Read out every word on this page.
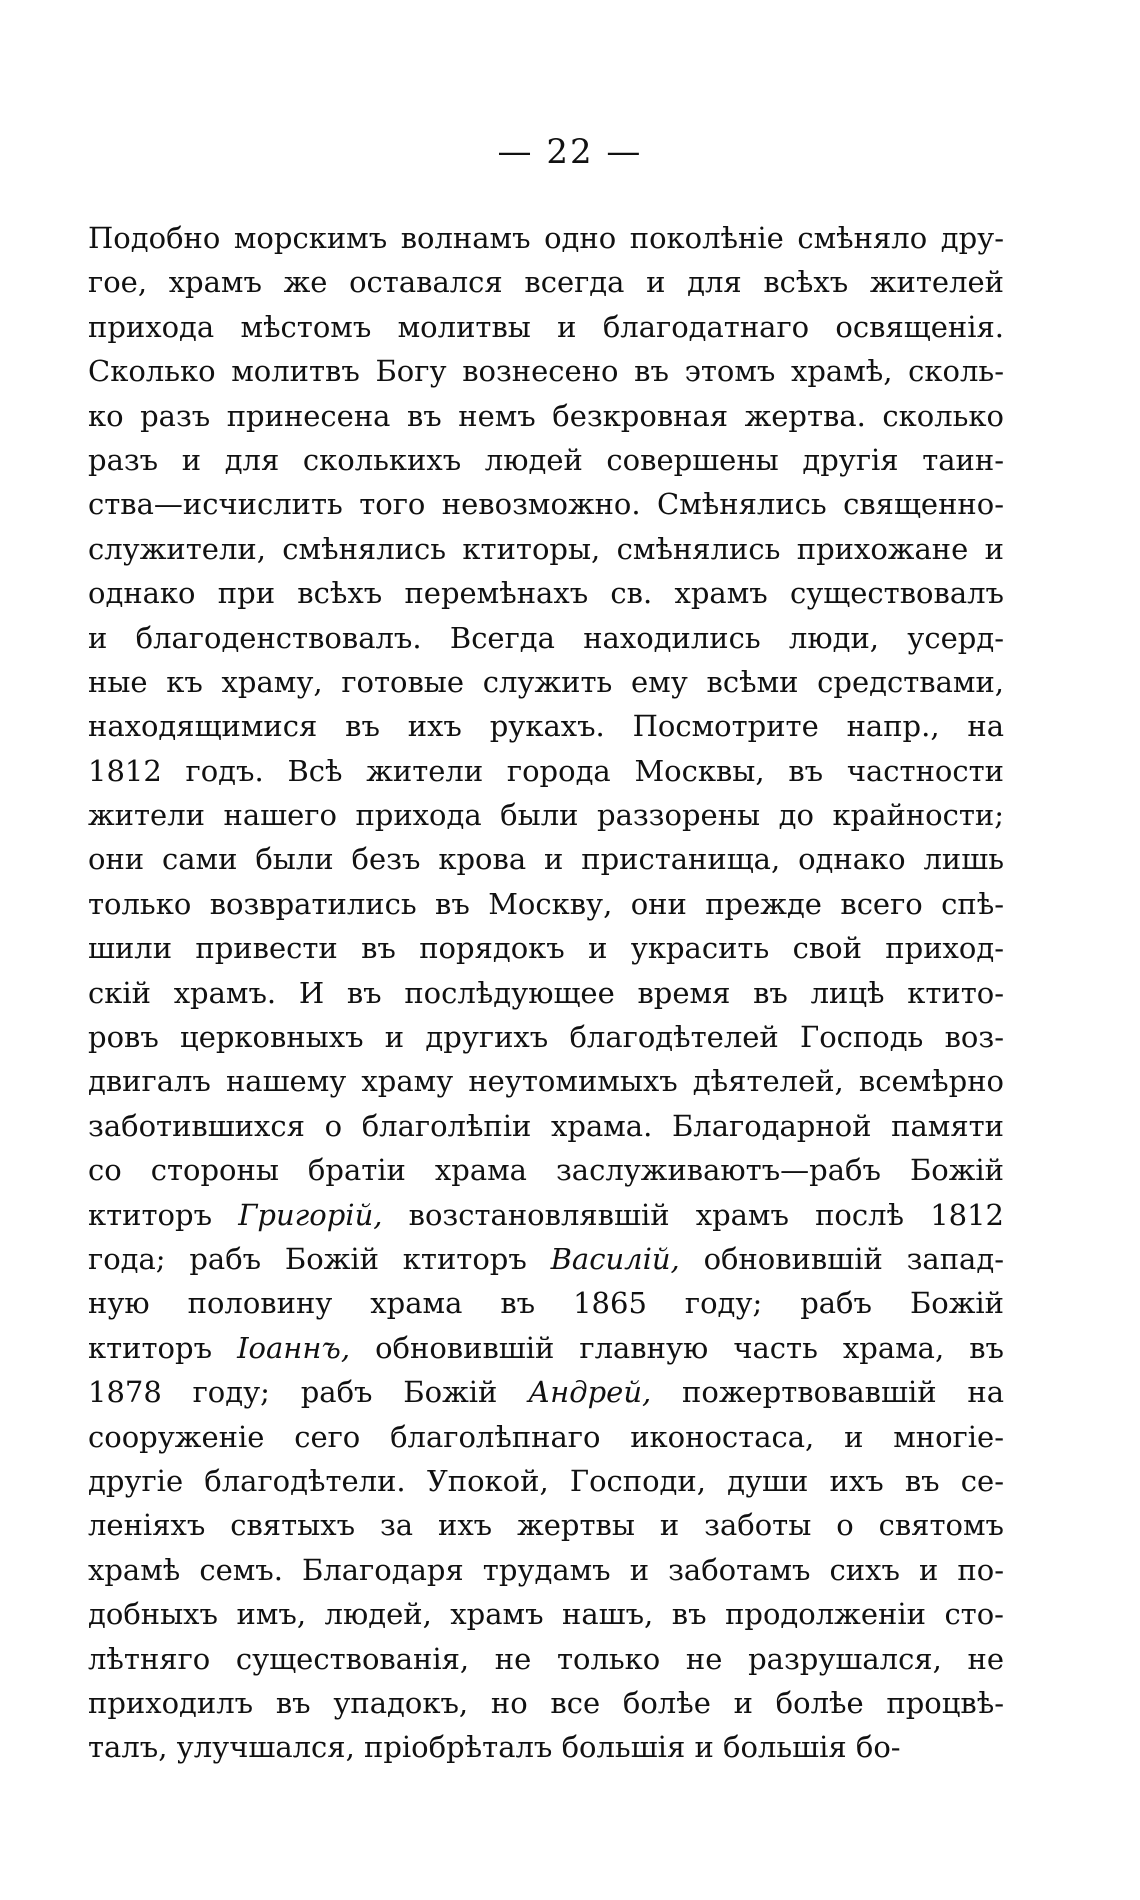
— 22 —
Подобно морскимъ волнамъ одно поколѣніе смѣняло дру-
гое, храмъ же оставался всегда и для всѣхъ жителей
прихода мѣстомъ молитвы и благодатнаго освященія.
Сколько молитвъ Богу вознесено въ этомъ храмѣ, сколь-
ко разъ принесена въ немъ безкровная жертва. сколько
разъ и для сколькихъ людей совершены другія таин-
ства—исчислить того невозможно. Смѣнялись священно-
служители, смѣнялись ктиторы, смѣнялись прихожане и
однако при всѣхъ перемѣнахъ св. храмъ существовалъ
и благоденствовалъ. Всегда находились люди, усерд-
ные къ храму, готовые служить ему всѣми средствами,
находящимися въ ихъ рукахъ. Посмотрите напр., на
1812 годъ. Всѣ жители города Москвы, въ частности
жители нашего прихода были раззорены до крайности;
они сами были безъ крова и пристанища, однако лишь
только возвратились въ Москву, они прежде всего спѣ-
шили привести въ порядокъ и украсить свой приход-
скій храмъ. И въ послѣдующее время въ лицѣ ктито-
ровъ церковныхъ и другихъ благодѣтелей Господь воз-
двигалъ нашему храму неутомимыхъ дѣятелей, всемѣрно
заботившихся о благолѣпіи храма. Благодарной памяти
со стороны братіи храма заслуживаютъ—рабъ Божій
ктиторъ Григорій, возстановлявшій храмъ послѣ 1812
года; рабъ Божій ктиторъ Василій, обновившій запад-
ную половину храма въ 1865 году; рабъ Божій
ктиторъ Іоаннъ, обновившій главную часть храма, въ
1878 году; рабъ Божій Андрей, пожертвовавшій на
сооруженіе сего благолѣпнаго иконостаса, и многіе-
другіе благодѣтели. Упокой, Господи, души ихъ въ се-
леніяхъ святыхъ за ихъ жертвы и заботы о святомъ
храмѣ семъ. Благодаря трудамъ и заботамъ сихъ и по-
добныхъ имъ, людей, храмъ нашъ, въ продолженіи сто-
лѣтняго существованія, не только не разрушался, не
приходилъ въ упадокъ, но все болѣе и болѣе процвѣ-
талъ, улучшался, пріобрѣталъ большія и большія бо-
